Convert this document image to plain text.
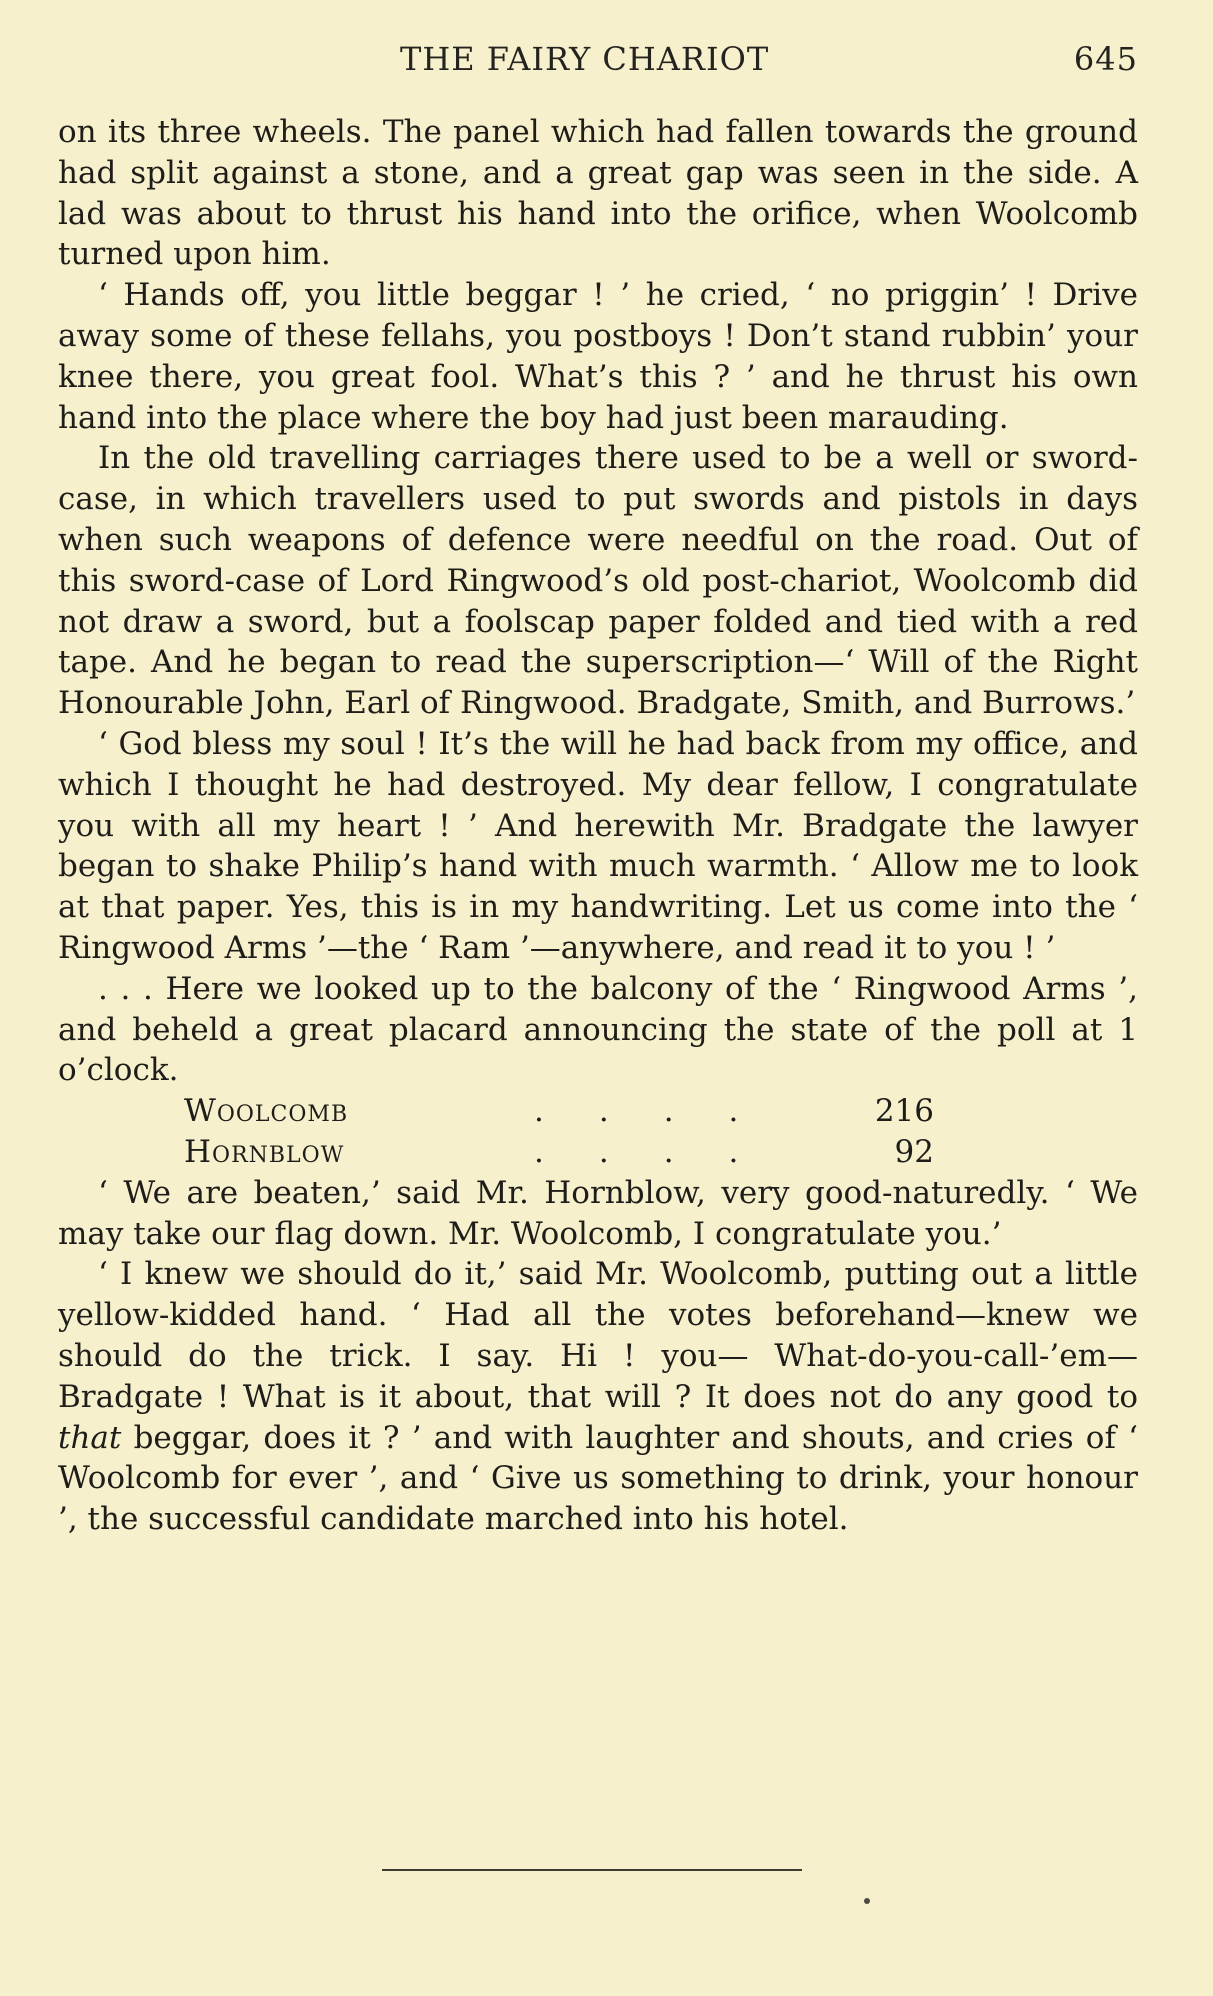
THE FAIRY CHARIOT	645

on its three wheels. The panel which had fallen towards the ground had split against a stone, and a great gap was seen in the side. A lad was about to thrust his hand into the orifice, when Woolcomb turned upon him.

‘ Hands off, you little beggar ! ’ he cried, ‘ no priggin’ ! Drive away some of these fellahs, you postboys ! Don’t stand rubbin’ your knee there, you great fool. What’s this ? ’ and he thrust his own hand into the place where the boy had just been marauding.

In the old travelling carriages there used to be a well or sword-case, in which travellers used to put swords and pistols in days when such weapons of defence were needful on the road. Out of this sword-case of Lord Ringwood’s old post-chariot, Woolcomb did not draw a sword, but a foolscap paper folded and tied with a red tape. And he began to read the superscription—‘ Will of the Right Honourable John, Earl of Ringwood. Bradgate, Smith, and Burrows.’

‘ God bless my soul ! It’s the will he had back from my office, and which I thought he had destroyed. My dear fellow, I congratulate you with all my heart ! ’ And herewith Mr. Bradgate the lawyer began to shake Philip’s hand with much warmth. ‘ Allow me to look at that paper. Yes, this is in my handwriting. Let us come into the ‘ Ringwood Arms ’—the ‘ Ram ’—anywhere, and read it to you ! ’

. . . Here we looked up to the balcony of the ‘ Ringwood Arms ’, and beheld a great placard announcing the state of the poll at 1 o’clock.

Woolcomb	....	216
Hornblow	....	92

‘ We are beaten,’ said Mr. Hornblow, very good-naturedly. ‘ We may take our flag down. Mr. Woolcomb, I congratulate you.’

‘ I knew we should do it,’ said Mr. Woolcomb, putting out a little yellow-kidded hand. ‘ Had all the votes beforehand—knew we should do the trick. I say. Hi ! you— What-do-you-call-’em—Bradgate ! What is it about, that will ? It does not do any good to that beggar, does it ? ’ and with laughter and shouts, and cries of ‘ Woolcomb for ever ’, and ‘ Give us something to drink, your honour ’, the successful candidate marched into his hotel.
